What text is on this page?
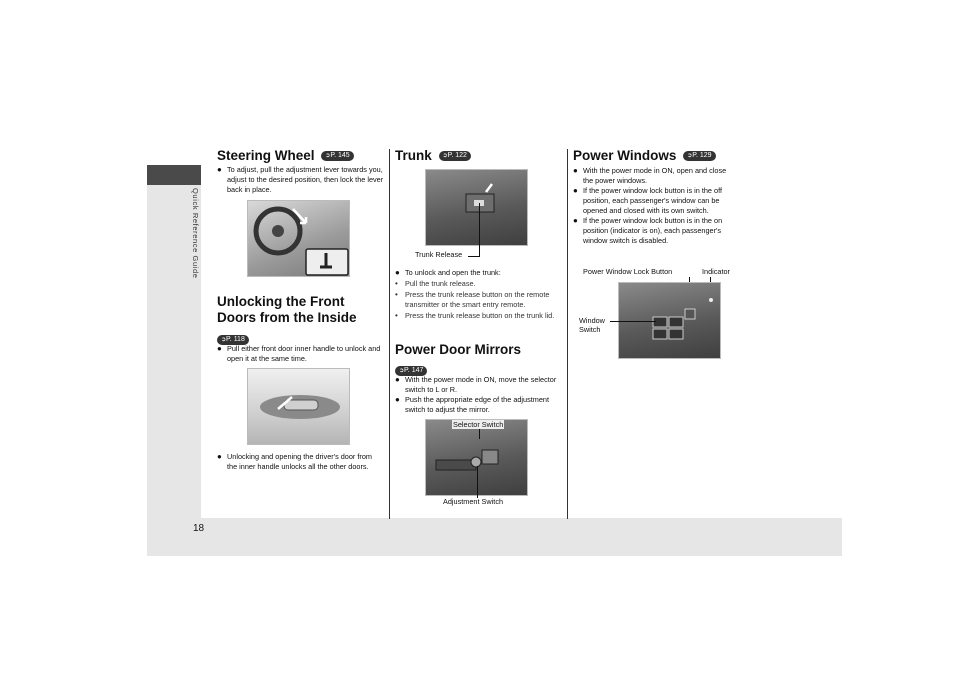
Quick Reference Guide
18
Steering Wheel ➲P. 145
● To adjust, pull the adjustment lever towards you, adjust to the desired position, then lock the lever back in place.
Unlocking the Front
Doors from the Inside
➲P. 118
● Pull either front door inner handle to unlock and open it at the same time.
● Unlocking and opening the driver's door from the inner handle unlocks all the other doors.
Trunk ➲P. 122
Trunk Release
● To unlock and open the trunk:
• Pull the trunk release.
• Press the trunk release button on the remote transmitter or the smart entry remote.
• Press the trunk release button on the trunk lid.
Power Door Mirrors
➲P. 147
● With the power mode in ON, move the selector switch to L or R.
● Push the appropriate edge of the adjustment switch to adjust the mirror.
Selector Switch
Adjustment Switch
Power Windows ➲P. 129
● With the power mode in ON, open and close the power windows.
● If the power window lock button is in the off position, each passenger's window can be opened and closed with its own switch.
● If the power window lock button is in the on position (indicator is on), each passenger's window switch is disabled.
Power Window Lock Button	Indicator
Window
Switch
